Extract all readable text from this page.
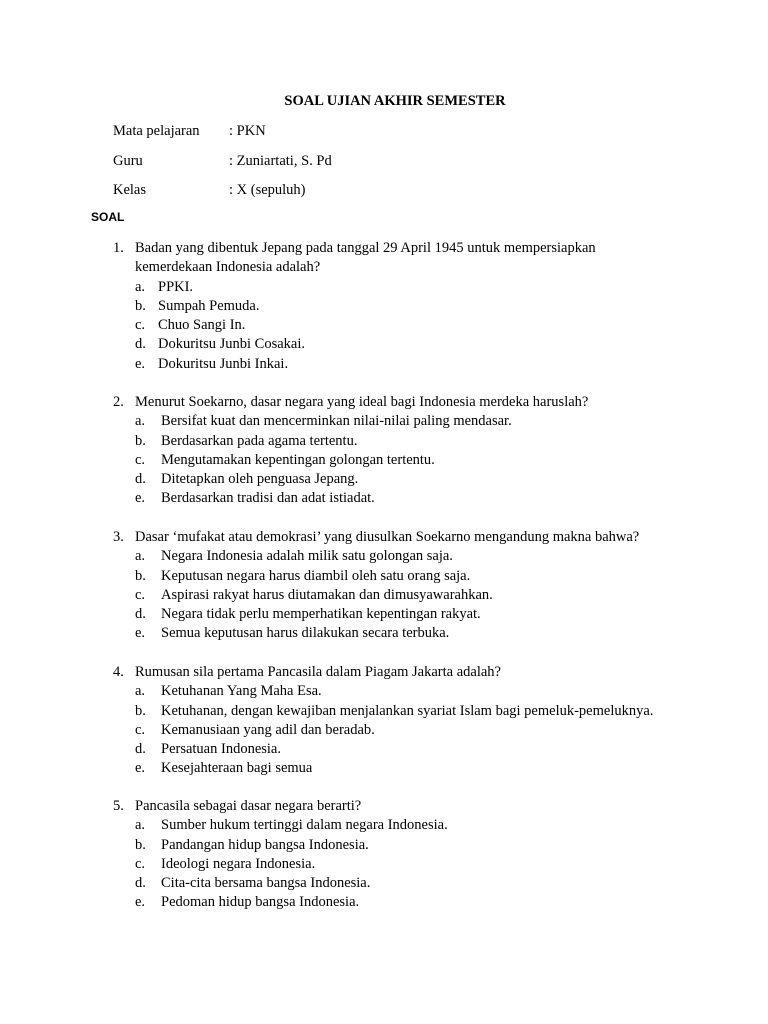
SOAL UJIAN AKHIR SEMESTER
Mata pelajaran : PKN
Guru	: Zuniartati, S. Pd
Kelas	: X (sepuluh)
SOAL
1. Badan yang dibentuk Jepang pada tanggal 29 April 1945 untuk mempersiapkan kemerdekaan Indonesia adalah?
a. PPKI.
b. Sumpah Pemuda.
c. Chuo Sangi In.
d. Dokuritsu Junbi Cosakai.
e. Dokuritsu Junbi Inkai.
2. Menurut Soekarno, dasar negara yang ideal bagi Indonesia merdeka haruslah?
a. Bersifat kuat dan mencerminkan nilai-nilai paling mendasar.
b. Berdasarkan pada agama tertentu.
c. Mengutamakan kepentingan golongan tertentu.
d. Ditetapkan oleh penguasa Jepang.
e. Berdasarkan tradisi dan adat istiadat.
3. Dasar ‘mufakat atau demokrasi’ yang diusulkan Soekarno mengandung makna bahwa?
a. Negara Indonesia adalah milik satu golongan saja.
b. Keputusan negara harus diambil oleh satu orang saja.
c. Aspirasi rakyat harus diutamakan dan dimusyawarahkan.
d. Negara tidak perlu memperhatikan kepentingan rakyat.
e. Semua keputusan harus dilakukan secara terbuka.
4. Rumusan sila pertama Pancasila dalam Piagam Jakarta adalah?
a. Ketuhanan Yang Maha Esa.
b. Ketuhanan, dengan kewajiban menjalankan syariat Islam bagi pemeluk-pemeluknya.
c. Kemanusiaan yang adil dan beradab.
d. Persatuan Indonesia.
e. Kesejahteraan bagi semua
5. Pancasila sebagai dasar negara berarti?
a. Sumber hukum tertinggi dalam negara Indonesia.
b. Pandangan hidup bangsa Indonesia.
c. Ideologi negara Indonesia.
d. Cita-cita bersama bangsa Indonesia.
e. Pedoman hidup bangsa Indonesia.
